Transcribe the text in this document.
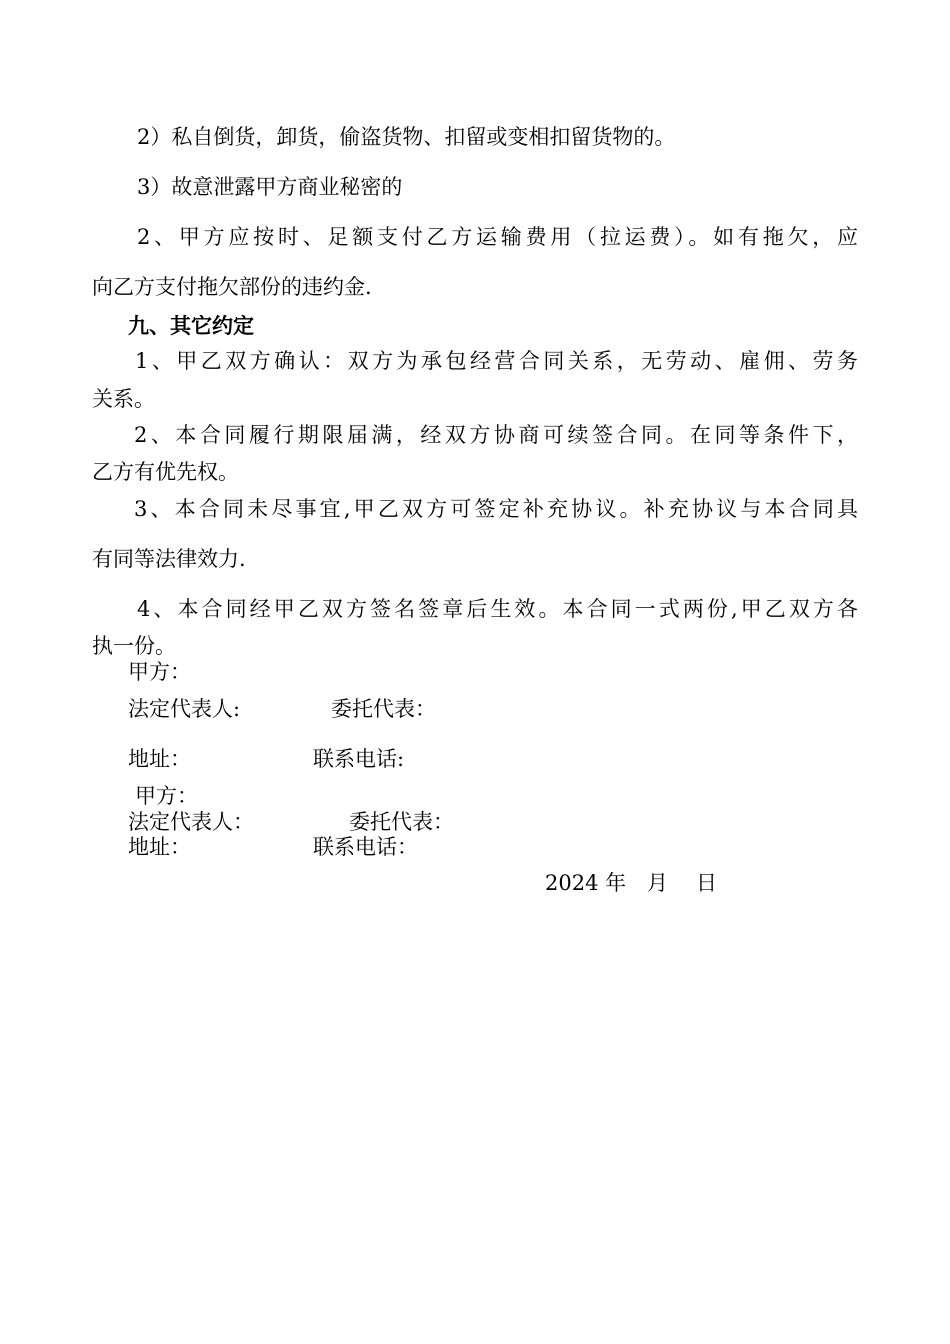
2）私自倒货，卸货，偷盗货物、扣留或变相扣留货物的。
3）故意泄露甲方商业秘密的
2、甲方应按时、足额支付乙方运输费用（拉运费）。如有拖欠，应
向乙方支付拖欠部份的违约金.
九、其它约定
1、甲乙双方确认：双方为承包经营合同关系，无劳动、雇佣、劳务
关系。
2、本合同履行期限届满，经双方协商可续签合同。在同等条件下，
乙方有优先权。
3、本合同未尽事宜,甲乙双方可签定补充协议。补充协议与本合同具
有同等法律效力.
4、本合同经甲乙双方签名签章后生效。本合同一式两份,甲乙双方各
执一份。
甲方：
法定代表人:	委托代表：
地址：	联系电话:
甲方：
法定代表人：	委托代表：
地址：	联系电话：
2024 年 月 日
